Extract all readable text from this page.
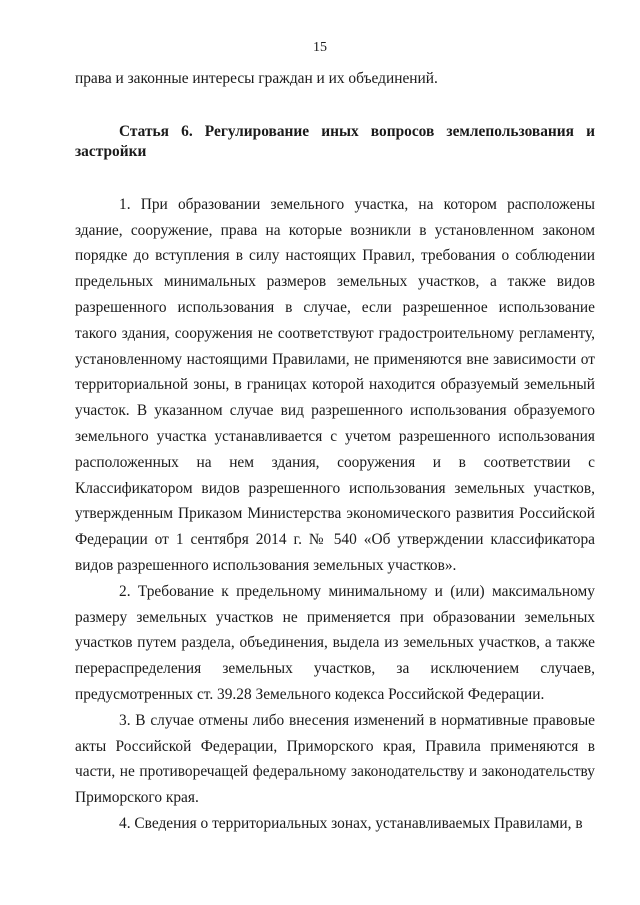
15

права и законные интересы граждан и их объединений.

Статья 6. Регулирование иных вопросов землепользования и застройки

1. При образовании земельного участка, на котором расположены здание, сооружение, права на которые возникли в установленном законом порядке до вступления в силу настоящих Правил, требования о соблюдении предельных минимальных размеров земельных участков, а также видов разрешенного использования в случае, если разрешенное использование такого здания, сооружения не соответствуют градостроительному регламенту, установленному настоящими Правилами, не применяются вне зависимости от территориальной зоны, в границах которой находится образуемый земельный участок. В указанном случае вид разрешенного использования образуемого земельного участка устанавливается с учетом разрешенного использования расположенных на нем здания, сооружения и в соответствии с Классификатором видов разрешенного использования земельных участков, утвержденным Приказом Министерства экономического развития Российской Федерации от 1 сентября 2014 г. № 540 «Об утверждении классификатора видов разрешенного использования земельных участков».

2. Требование к предельному минимальному и (или) максимальному размеру земельных участков не применяется при образовании земельных участков путем раздела, объединения, выдела из земельных участков, а также перераспределения земельных участков, за исключением случаев, предусмотренных ст. 39.28 Земельного кодекса Российской Федерации.

3. В случае отмены либо внесения изменений в нормативные правовые акты Российской Федерации, Приморского края, Правила применяются в части, не противоречащей федеральному законодательству и законодательству Приморского края.

4. Сведения о территориальных зонах, устанавливаемых Правилами, в
